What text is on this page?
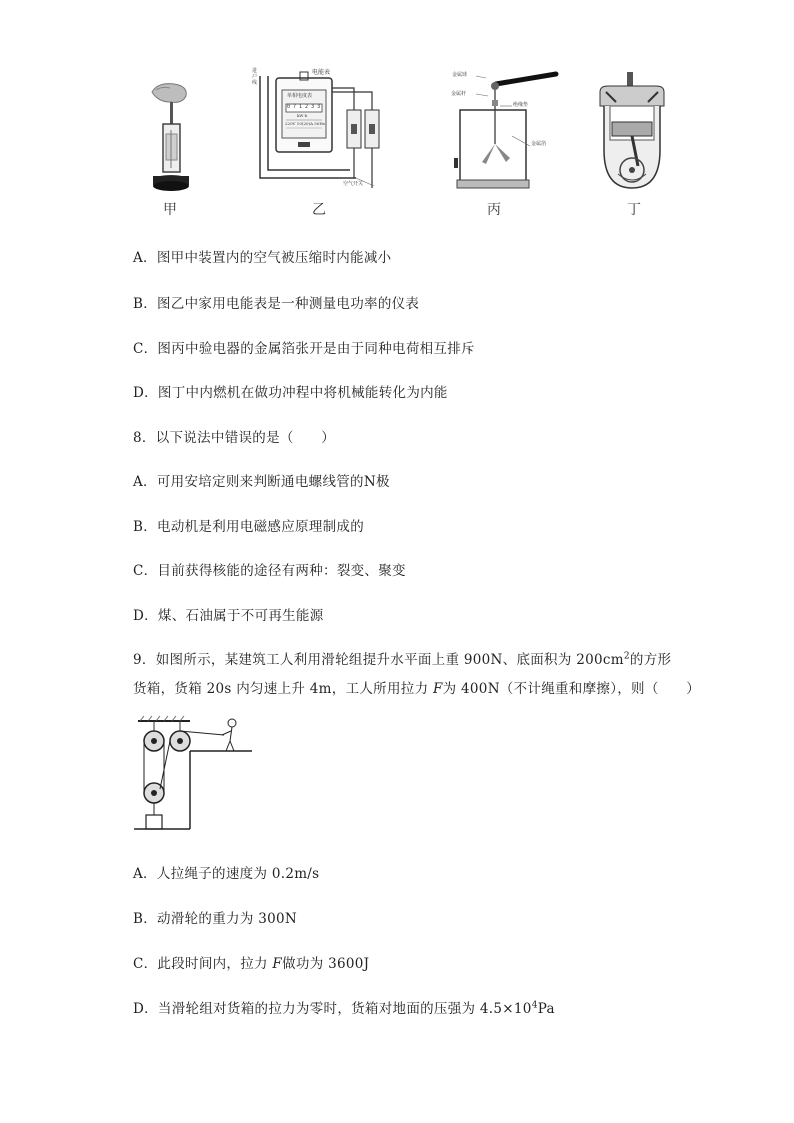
甲
电能表
进户线
单相电度表
0 7 1 2 3 3
kW·h
220V 10(20)A 50Hz
空气开关
乙
金属球
金属杆
绝缘垫
金属箔
丙	丁
A．图甲中装置内的空气被压缩时内能减小
B．图乙中家用电能表是一种测量电功率的仪表
C．图丙中验电器的金属箔张开是由于同种电荷相互排斥
D．图丁中内燃机在做功冲程中将机械能转化为内能
8．以下说法中错误的是（　　）
A．可用安培定则来判断通电螺线管的N极
B．电动机是利用电磁感应原理制成的
C．目前获得核能的途径有两种：裂变、聚变
D．煤、石油属于不可再生能源
9．如图所示，某建筑工人利用滑轮组提升水平面上重 900N、底面积为 $200cm^2$的方形
货箱，货箱 20s 内匀速上升 4m，工人所用拉力 F为 400N（不计绳重和摩擦），则（　　）
A．人拉绳子的速度为 0.2m/s
B．动滑轮的重力为 300N
C．此段时间内，拉力 F做功为 3600J
D．当滑轮组对货箱的拉力为零时，货箱对地面的压强为 $4.5\times 10^4Pa$
